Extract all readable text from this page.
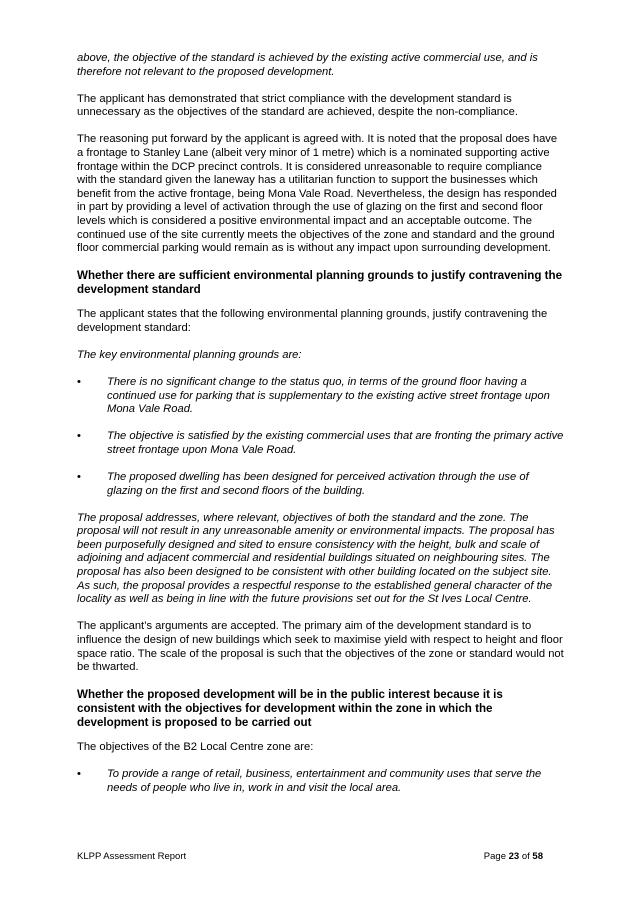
above, the objective of the standard is achieved by the existing active commercial use, and is therefore not relevant to the proposed development.

The applicant has demonstrated that strict compliance with the development standard is unnecessary as the objectives of the standard are achieved, despite the non-compliance.

The reasoning put forward by the applicant is agreed with. It is noted that the proposal does have a frontage to Stanley Lane (albeit very minor of 1 metre) which is a nominated supporting active frontage within the DCP precinct controls. It is considered unreasonable to require compliance with the standard given the laneway has a utilitarian function to support the businesses which benefit from the active frontage, being Mona Vale Road. Nevertheless, the design has responded in part by providing a level of activation through the use of glazing on the first and second floor levels which is considered a positive environmental impact and an acceptable outcome. The continued use of the site currently meets the objectives of the zone and standard and the ground floor commercial parking would remain as is without any impact upon surrounding development.

Whether there are sufficient environmental planning grounds to justify contravening the development standard

The applicant states that the following environmental planning grounds, justify contravening the development standard:

The key environmental planning grounds are:

•	There is no significant change to the status quo, in terms of the ground floor having a continued use for parking that is supplementary to the existing active street frontage upon Mona Vale Road.
•	The objective is satisfied by the existing commercial uses that are fronting the primary active street frontage upon Mona Vale Road.
•	The proposed dwelling has been designed for perceived activation through the use of glazing on the first and second floors of the building.

The proposal addresses, where relevant, objectives of both the standard and the zone. The proposal will not result in any unreasonable amenity or environmental impacts. The proposal has been purposefully designed and sited to ensure consistency with the height, bulk and scale of adjoining and adjacent commercial and residential buildings situated on neighbouring sites. The proposal has also been designed to be consistent with other building located on the subject site. As such, the proposal provides a respectful response to the established general character of the locality as well as being in line with the future provisions set out for the St Ives Local Centre.

The applicant’s arguments are accepted. The primary aim of the development standard is to influence the design of new buildings which seek to maximise yield with respect to height and floor space ratio. The scale of the proposal is such that the objectives of the zone or standard would not be thwarted.

Whether the proposed development will be in the public interest because it is consistent with the objectives for development within the zone in which the development is proposed to be carried out

The objectives of the B2 Local Centre zone are:

•	To provide a range of retail, business, entertainment and community uses that serve the needs of people who live in, work in and visit the local area.
KLPP Assessment Report	Page 23 of 58
